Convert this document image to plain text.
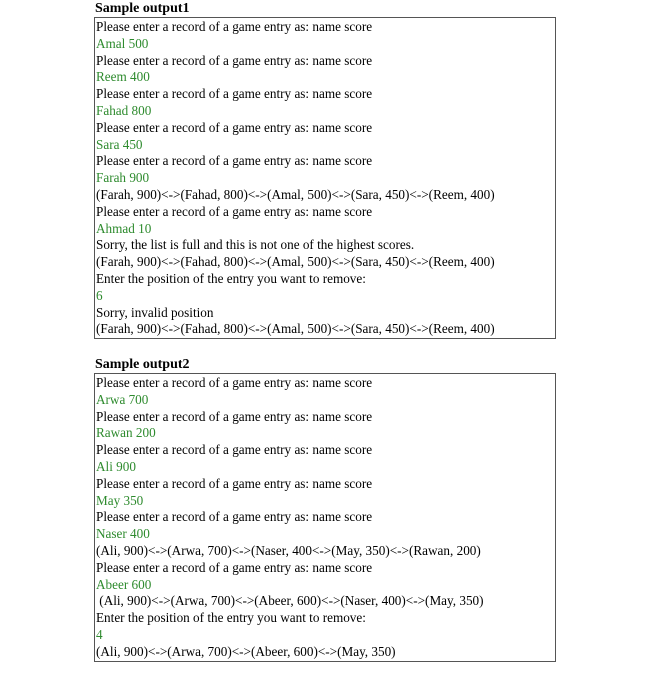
Sample output1
Please enter a record of a game entry as: name score
Amal 500
Please enter a record of a game entry as: name score
Reem 400
Please enter a record of a game entry as: name score
Fahad 800
Please enter a record of a game entry as: name score
Sara 450
Please enter a record of a game entry as: name score
Farah 900
(Farah, 900)<->(Fahad, 800)<->(Amal, 500)<->(Sara, 450)<->(Reem, 400)
Please enter a record of a game entry as: name score
Ahmad 10
Sorry, the list is full and this is not one of the highest scores.
(Farah, 900)<->(Fahad, 800)<->(Amal, 500)<->(Sara, 450)<->(Reem, 400)
Enter the position of the entry you want to remove:
6
Sorry, invalid position
(Farah, 900)<->(Fahad, 800)<->(Amal, 500)<->(Sara, 450)<->(Reem, 400)
Sample output2
Please enter a record of a game entry as: name score
Arwa 700
Please enter a record of a game entry as: name score
Rawan 200
Please enter a record of a game entry as: name score
Ali 900
Please enter a record of a game entry as: name score
May 350
Please enter a record of a game entry as: name score
Naser 400
(Ali, 900)<->(Arwa, 700)<->(Naser, 400<->(May, 350)<->(Rawan, 200)
Please enter a record of a game entry as: name score
Abeer 600
(Ali, 900)<->(Arwa, 700)<->(Abeer, 600)<->(Naser, 400)<->(May, 350)
Enter the position of the entry you want to remove:
4
(Ali, 900)<->(Arwa, 700)<->(Abeer, 600)<->(May, 350)
